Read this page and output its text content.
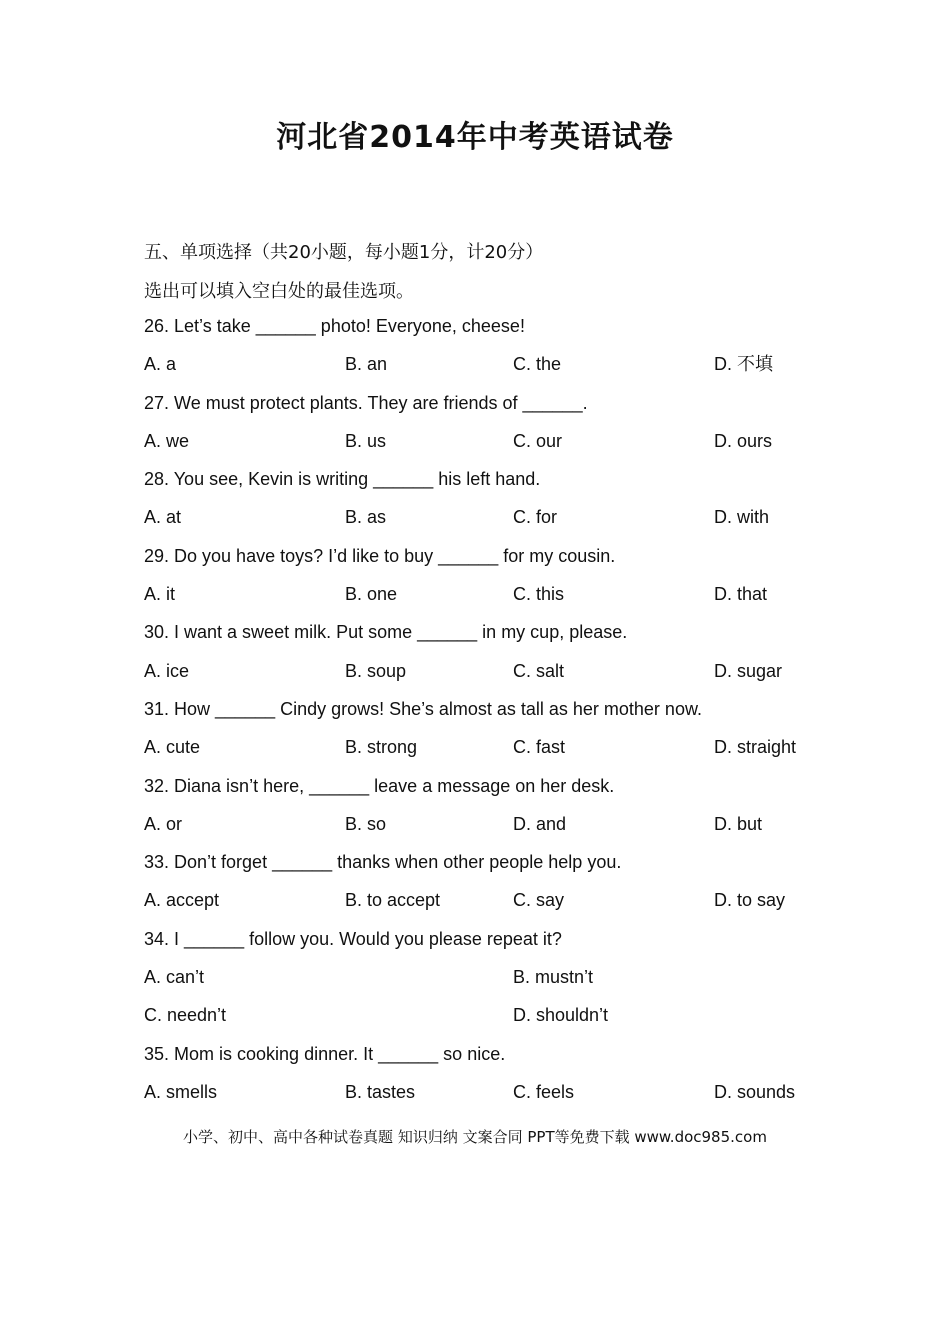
河北省2014年中考英语试卷
五、单项选择（共20小题，每小题1分，计20分）
选出可以填入空白处的最佳选项。
26. Let’s take ______ photo! Everyone, cheese!
A. a	B. an	C. the	D. 不填
27. We must protect plants. They are friends of ______.
A. we	B. us	C. our	D. ours
28. You see, Kevin is writing ______ his left hand.
A. at	B. as	C. for	D. with
29. Do you have toys? I’d like to buy ______ for my cousin.
A. it	B. one	C. this	D. that
30. I want a sweet milk. Put some ______ in my cup, please.
A. ice	B. soup	C. salt	D. sugar
31. How ______ Cindy grows! She’s almost as tall as her mother now.
A. cute	B. strong	C. fast	D. straight
32. Diana isn’t here, ______ leave a message on her desk.
A. or	B. so	D. and	D. but
33. Don’t forget ______ thanks when other people help you.
A. accept	B. to accept	C. say	D. to say
34. I ______ follow you. Would you please repeat it?
A. can’t	B. mustn’t
C. needn’t	D. shouldn’t
35. Mom is cooking dinner. It ______ so nice.
A. smells	B. tastes	C. feels	D. sounds
小学、初中、高中各种试卷真题 知识归纳 文案合同 PPT等免费下载 www.doc985.com
